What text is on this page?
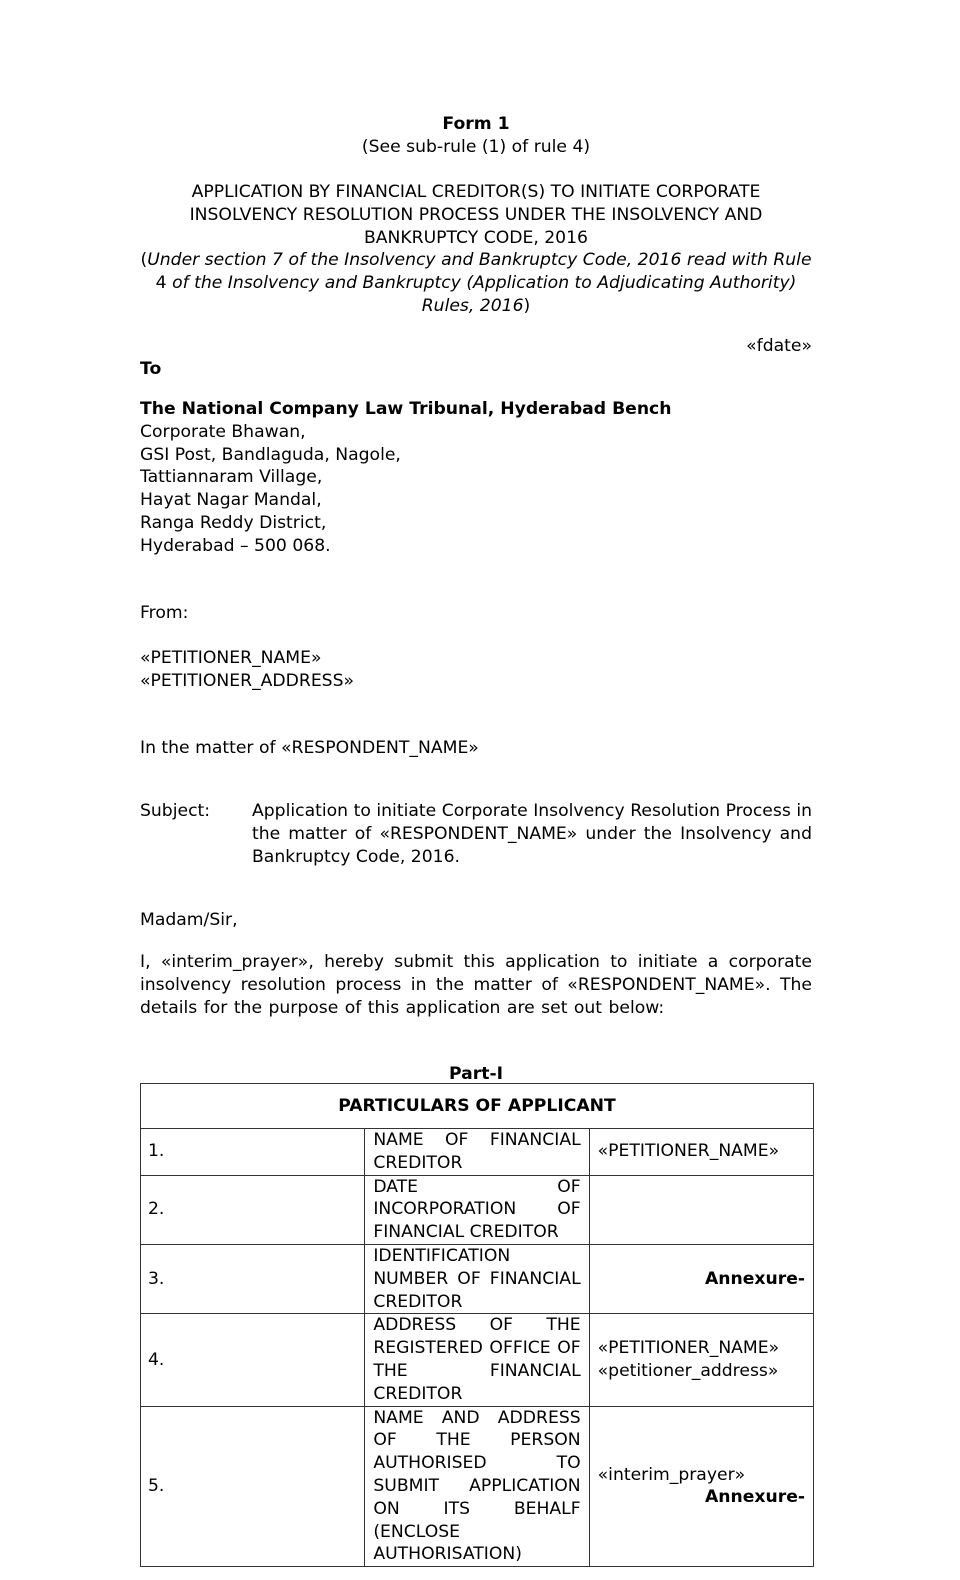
Form 1
(See sub-rule (1) of rule 4)
APPLICATION BY FINANCIAL CREDITOR(S) TO INITIATE CORPORATE INSOLVENCY RESOLUTION PROCESS UNDER THE INSOLVENCY AND BANKRUPTCY CODE, 2016
(Under section 7 of the Insolvency and Bankruptcy Code, 2016 read with Rule 4 of the Insolvency and Bankruptcy (Application to Adjudicating Authority) Rules, 2016)
«fdate»
To
The National Company Law Tribunal, Hyderabad Bench
Corporate Bhawan,
GSI Post, Bandlaguda, Nagole,
Tattiannaram Village,
Hayat Nagar Mandal,
Ranga Reddy District,
Hyderabad – 500 068.
From:
«PETITIONER_NAME»
«PETITIONER_ADDRESS»
In the matter of «RESPONDENT_NAME»
Subject: Application to initiate Corporate Insolvency Resolution Process in the matter of «RESPONDENT_NAME» under the Insolvency and Bankruptcy Code, 2016.
Madam/Sir,
I, «interim_prayer», hereby submit this application to initiate a corporate insolvency resolution process in the matter of «RESPONDENT_NAME». The details for the purpose of this application are set out below:
Part-I
PARTICULARS OF APPLICANT		
1.	NAME OF FINANCIAL CREDITOR	«PETITIONER_NAME»
2.	DATE OF INCORPORATION OF FINANCIAL CREDITOR	
3.	IDENTIFICATION NUMBER OF FINANCIAL CREDITOR	Annexure-

4.	ADDRESS OF THE REGISTERED OFFICE OF THE FINANCIAL CREDITOR	«PETITIONER_NAME»
«petitioner_address»

5.	NAME AND ADDRESS OF THE PERSON AUTHORISED TO SUBMIT APPLICATION ON ITS BEHALF (ENCLOSE AUTHORISATION)	«interim_prayer»
Annexure-
